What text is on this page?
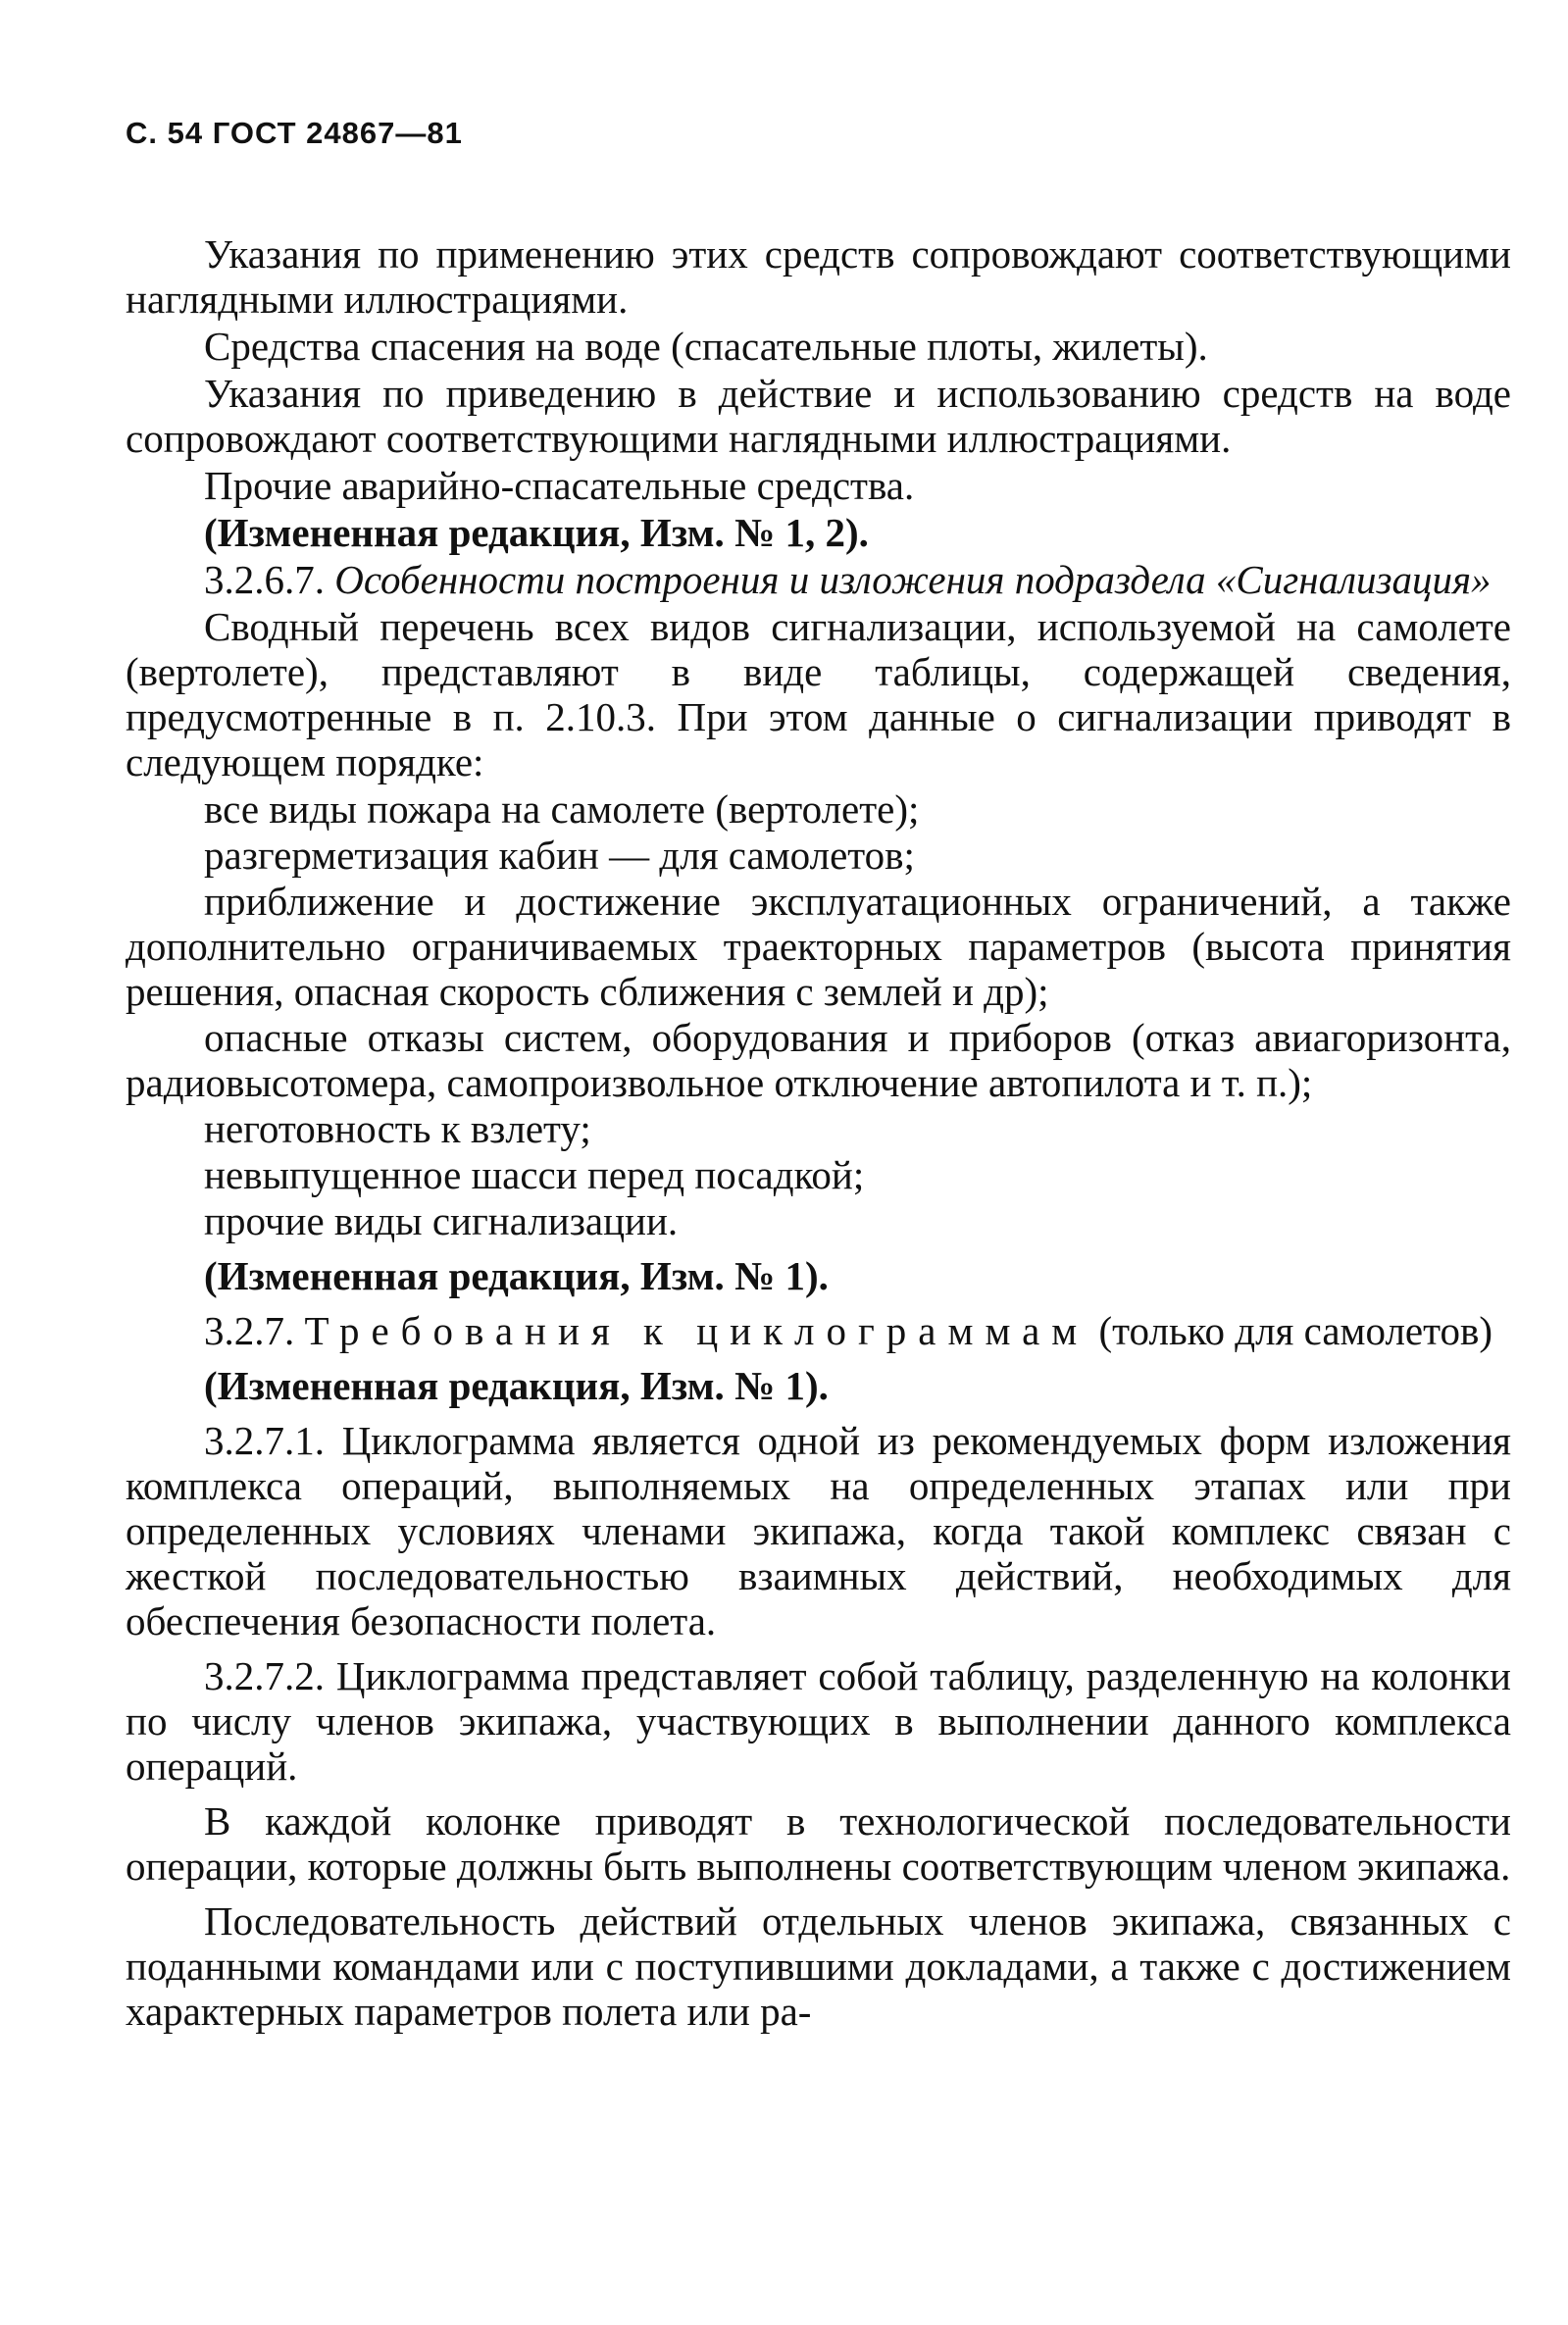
С. 54 ГОСТ 24867—81

Указания по применению этих средств сопровождают соответствующими наглядными иллюстрациями.

Средства спасения на воде (спасательные плоты, жилеты).

Указания по приведению в действие и использованию средств на воде сопровождают соответствующими наглядными иллюстрациями.

Прочие аварийно-спасательные средства.

(Измененная редакция, Изм. № 1, 2).

3.2.6.7. Особенности построения и изложения подраздела «Сигнализация»

Сводный перечень всех видов сигнализации, используемой на самолете (вертолете), представляют в виде таблицы, содержащей сведения, предусмотренные в п. 2.10.3. При этом данные о сигнализации приводят в следующем порядке:

все виды пожара на самолете (вертолете);

разгерметизация кабин — для самолетов;

приближение и достижение эксплуатационных ограничений, а также дополнительно ограничиваемых траекторных параметров (высота принятия решения, опасная скорость сближения с землей и др);

опасные отказы систем, оборудования и приборов (отказ авиагоризонта, радиовысотомера, самопроизвольное отключение автопилота и т. п.);

неготовность к взлету;

невыпущенное шасси перед посадкой;

прочие виды сигнализации.

(Измененная редакция, Изм. № 1).

3.2.7. Требования к циклограммам (только для самолетов)

(Измененная редакция, Изм. № 1).

3.2.7.1. Циклограмма является одной из рекомендуемых форм изложения комплекса операций, выполняемых на определенных этапах или при определенных условиях членами экипажа, когда такой комплекс связан с жесткой последовательностью взаимных действий, необходимых для обеспечения безопасности полета.

3.2.7.2. Циклограмма представляет собой таблицу, разделенную на колонки по числу членов экипажа, участвующих в выполнении данного комплекса операций.

В каждой колонке приводят в технологической последовательности операции, которые должны быть выполнены соответствующим членом экипажа.

Последовательность действий отдельных членов экипажа, связанных с поданными командами или с поступившими докладами, а также с достижением характерных параметров полета или ра-
